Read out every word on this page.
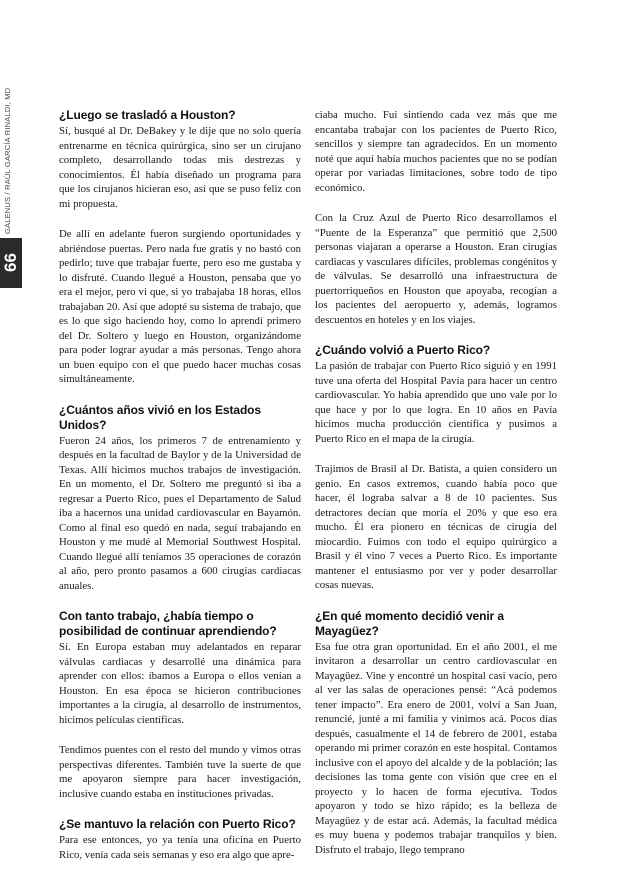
GALENUS / RAÚL GARCÍA RINALDI, MD
66
¿Luego se trasladó a Houston?

Sí, busqué al Dr. DeBakey y le dije que no solo quería entrenarme en técnica quirúrgica, sino ser un cirujano completo, desarrollando todas mis destrezas y conocimientos. Él había diseñado un programa para que los cirujanos hicieran eso, así que se puso feliz con mi propuesta.

De allí en adelante fueron surgiendo oportunidades y abriéndose puertas. Pero nada fue gratis y no bastó con pedirlo; tuve que trabajar fuerte, pero eso me gustaba y lo disfruté. Cuando llegué a Houston, pensaba que yo era el mejor, pero vi que, si yo trabajaba 18 horas, ellos trabajaban 20. Así que adopté su sistema de trabajo, que es lo que sigo haciendo hoy, como lo aprendí primero del Dr. Soltero y luego en Houston, organizándome para poder lograr ayudar a más personas. Tengo ahora un buen equipo con el que puedo hacer muchas cosas simultáneamente.

¿Cuántos años vivió en los Estados Unidos?

Fueron 24 años, los primeros 7 de entrenamiento y después en la facultad de Baylor y de la Universidad de Texas. Allí hicimos muchos trabajos de investigación. En un momento, el Dr. Soltero me preguntó si iba a regresar a Puerto Rico, pues el Departamento de Salud iba a hacernos una unidad cardiovascular en Bayamón. Como al final eso quedó en nada, seguí trabajando en Houston y me mudé al Memorial Southwest Hospital. Cuando llegué allí teníamos 35 operaciones de corazón al año, pero pronto pasamos a 600 cirugías cardiacas anuales.

Con tanto trabajo, ¿había tiempo o posibilidad de continuar aprendiendo?

Sí. En Europa estaban muy adelantados en reparar válvulas cardiacas y desarrollé una dinámica para aprender con ellos: íbamos a Europa o ellos venían a Houston. En esa época se hicieron contribuciones importantes a la cirugía, al desarrollo de instrumentos, hicimos películas científicas.

Tendimos puentes con el resto del mundo y vimos otras perspectivas diferentes. También tuve la suerte de que me apoyaron siempre para hacer investigación, inclusive cuando estaba en instituciones privadas.

¿Se mantuvo la relación con Puerto Rico?

Para ese entonces, yo ya tenía una oficina en Puerto Rico, venía cada seis semanas y eso era algo que apre-

ciaba mucho. Fui sintiendo cada vez más que me encantaba trabajar con los pacientes de Puerto Rico, sencillos y siempre tan agradecidos. En un momento noté que aquí había muchos pacientes que no se podían operar por variadas limitaciones, sobre todo de tipo económico.

Con la Cruz Azul de Puerto Rico desarrollamos el “Puente de la Esperanza” que permitió que 2,500 personas viajaran a operarse a Houston. Eran cirugías cardiacas y vasculares difíciles, problemas congénitos y de válvulas. Se desarrolló una infraestructura de puertorriqueños en Houston que apoyaba, recogían a los pacientes del aeropuerto y, además, logramos descuentos en hoteles y en los viajes.

¿Cuándo volvió a Puerto Rico?

La pasión de trabajar con Puerto Rico siguió y en 1991 tuve una oferta del Hospital Pavía para hacer un centro cardiovascular. Yo había aprendido que uno vale por lo que hace y por lo que logra. En 10 años en Pavía hicimos mucha producción científica y pusimos a Puerto Rico en el mapa de la cirugía.

Trajimos de Brasil al Dr. Batista, a quien considero un genio. En casos extremos, cuando había poco que hacer, él lograba salvar a 8 de 10 pacientes. Sus detractores decían que moría el 20% y que eso era mucho. Él era pionero en técnicas de cirugía del miocardio. Fuimos con todo el equipo quirúrgico a Brasil y él vino 7 veces a Puerto Rico. Es importante mantener el entusiasmo por ver y poder desarrollar cosas nuevas.

¿En qué momento decidió venir a Mayagüez?

Esa fue otra gran oportunidad. En el año 2001, el me invitaron a desarrollar un centro cardiovascular en Mayagüez. Vine y encontré un hospital casi vacío, pero al ver las salas de operaciones pensé: “Acá podemos tener impacto”. Era enero de 2001, volví a San Juan, renuncié, junté a mi familia y vinimos acá. Pocos días después, casualmente el 14 de febrero de 2001, estaba operando mi primer corazón en este hospital. Contamos inclusive con el apoyo del alcalde y de la población; las decisiones las toma gente con visión que cree en el proyecto y lo hacen de forma ejecutiva. Todos apoyaron y todo se hizo rápido; es la belleza de Mayagüez y de estar acá. Además, la facultad médica es muy buena y podemos trabajar tranquilos y bien. Disfruto el trabajo, llego temprano
